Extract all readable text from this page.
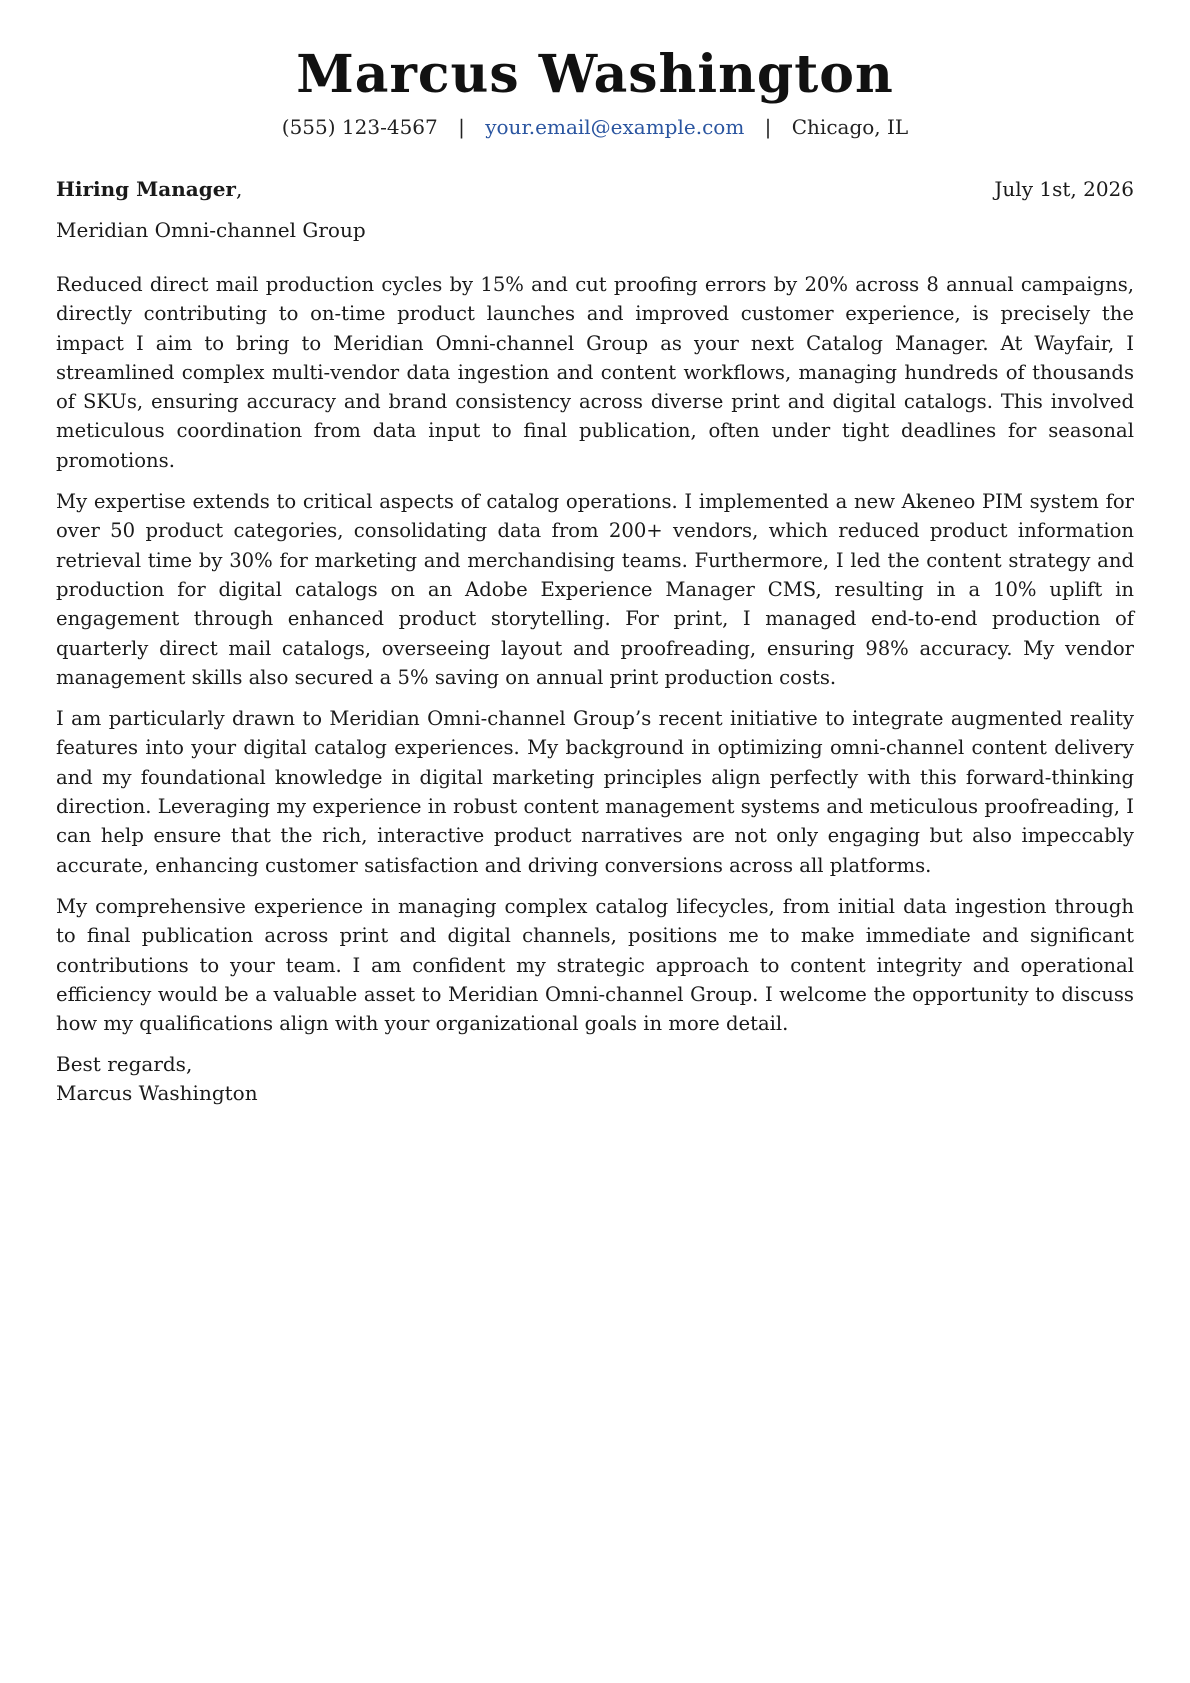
Marcus Washington
(555) 123-4567 | your.email@example.com | Chicago, IL
Hiring Manager,	July 1st, 2026
Meridian Omni-channel Group

Reduced direct mail production cycles by 15% and cut proofing errors by 20% across 8 annual campaigns, directly contributing to on-time product launches and improved customer experience, is precisely the impact I aim to bring to Meridian Omni-channel Group as your next Catalog Manager. At Wayfair, I streamlined complex multi-vendor data ingestion and content workflows, managing hundreds of thousands of SKUs, ensuring accuracy and brand consistency across diverse print and digital catalogs. This involved meticulous coordination from data input to final publication, often under tight deadlines for seasonal promotions.

My expertise extends to critical aspects of catalog operations. I implemented a new Akeneo PIM system for over 50 product categories, consolidating data from 200+ vendors, which reduced product information retrieval time by 30% for marketing and merchandising teams. Furthermore, I led the content strategy and production for digital catalogs on an Adobe Experience Manager CMS, resulting in a 10% uplift in engagement through enhanced product storytelling. For print, I managed end-to-end production of quarterly direct mail catalogs, overseeing layout and proofreading, ensuring 98% accuracy. My vendor management skills also secured a 5% saving on annual print production costs.

I am particularly drawn to Meridian Omni-channel Group’s recent initiative to integrate augmented reality features into your digital catalog experiences. My background in optimizing omni-channel content delivery and my foundational knowledge in digital marketing principles align perfectly with this forward-thinking direction. Leveraging my experience in robust content management systems and meticulous proofreading, I can help ensure that the rich, interactive product narratives are not only engaging but also impeccably accurate, enhancing customer satisfaction and driving conversions across all platforms.

My comprehensive experience in managing complex catalog lifecycles, from initial data ingestion through to final publication across print and digital channels, positions me to make immediate and significant contributions to your team. I am confident my strategic approach to content integrity and operational efficiency would be a valuable asset to Meridian Omni-channel Group. I welcome the opportunity to discuss how my qualifications align with your organizational goals in more detail.

Best regards,
Marcus Washington
